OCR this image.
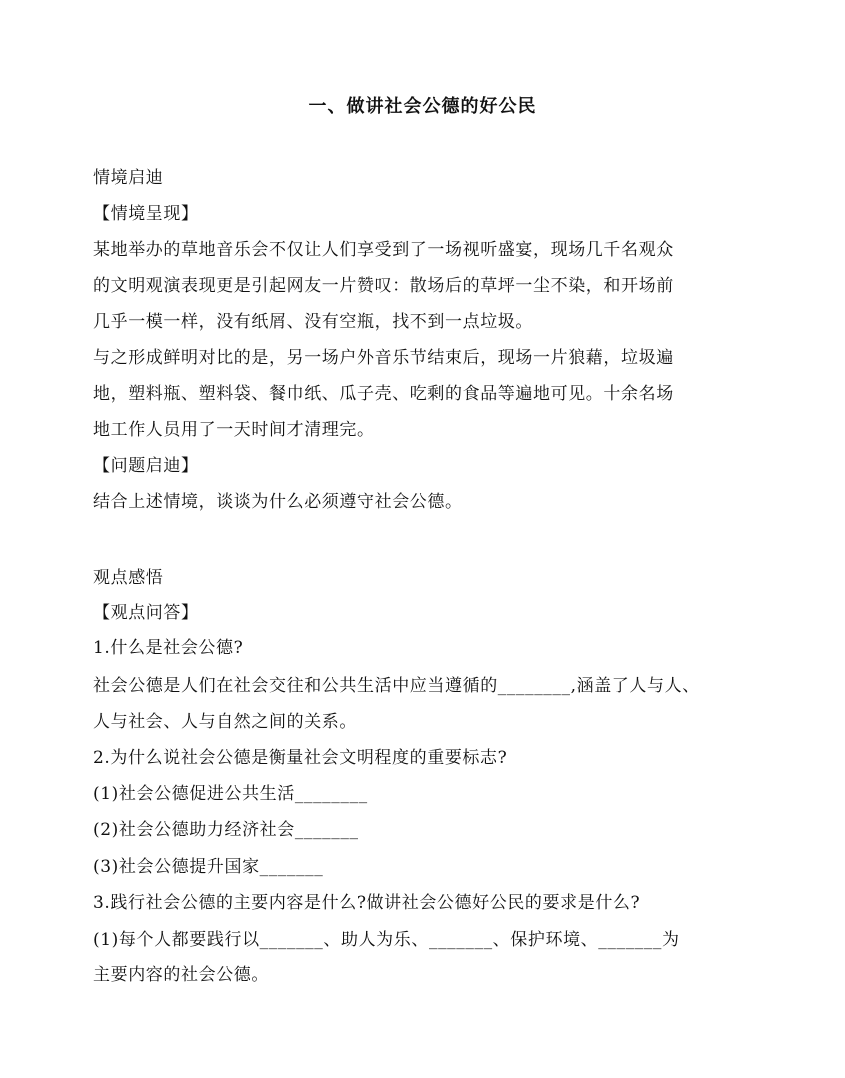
一、做讲社会公德的好公民
情境启迪
【情境呈现】
某地举办的草地音乐会不仅让人们享受到了一场视听盛宴，现场几千名观众
的文明观演表现更是引起网友一片赞叹：散场后的草坪一尘不染，和开场前
几乎一模一样，没有纸屑、没有空瓶，找不到一点垃圾。
与之形成鲜明对比的是，另一场户外音乐节结束后，现场一片狼藉，垃圾遍
地，塑料瓶、塑料袋、餐巾纸、瓜子壳、吃剩的食品等遍地可见。十余名场
地工作人员用了一天时间才清理完。
【问题启迪】
结合上述情境，谈谈为什么必须遵守社会公德。
观点感悟
【观点问答】
1.什么是社会公德?
社会公德是人们在社会交往和公共生活中应当遵循的________,涵盖了人与人、
人与社会、人与自然之间的关系。
2.为什么说社会公德是衡量社会文明程度的重要标志?
(1)社会公德促进公共生活________
(2)社会公德助力经济社会_______
(3)社会公德提升国家_______
3.践行社会公德的主要内容是什么?做讲社会公德好公民的要求是什么?
(1)每个人都要践行以_______、助人为乐、_______、保护环境、_______为
主要内容的社会公德。
